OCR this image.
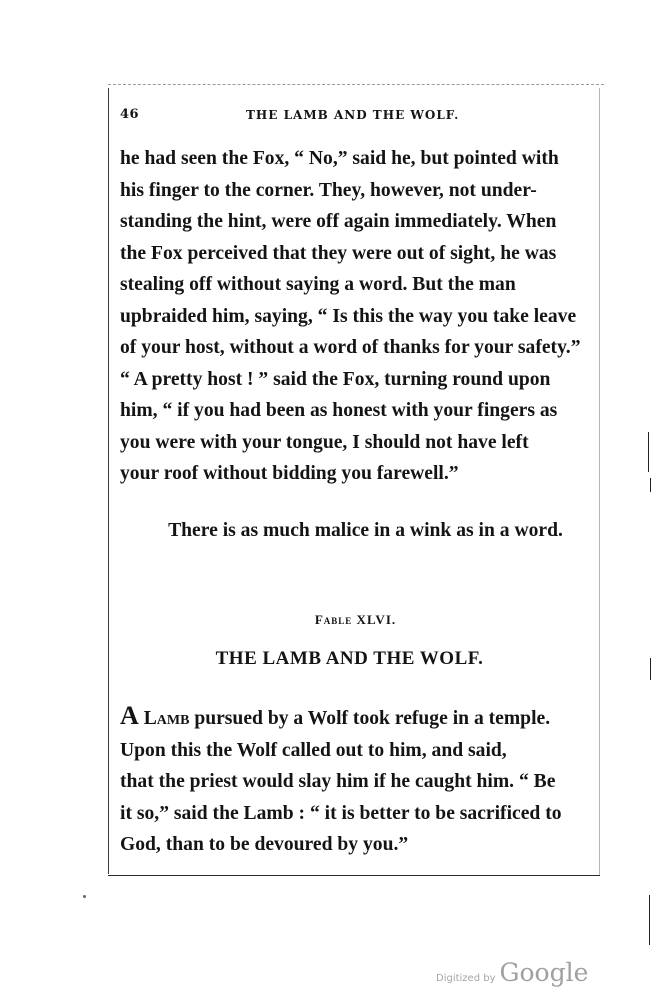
46	THE LAMB AND THE WOLF.

he had seen the Fox, “ No,” said he, but pointed with

his finger to the corner. They, however, not under-

standing the hint, were off again immediately. When

the Fox perceived that they were out of sight, he was

stealing off without saying a word. But the man

upbraided him, saying, “ Is this the way you take leave

of your host, without a word of thanks for your safety.”

“ A pretty host ! ” said the Fox, turning round upon

him, “ if you had been as honest with your fingers as

you were with your tongue, I should not have left

your roof without bidding you farewell.”

There is as much malice in a wink as in a word.
Fable XLVI.
THE LAMB AND THE WOLF.

A Lamb pursued by a Wolf took refuge in a temple.

Upon this the Wolf called out to him, and said,

that the priest would slay him if he caught him. “ Be

it so,” said the Lamb : “ it is better to be sacrificed to

God, than to be devoured by you.”

Digitized by Google
